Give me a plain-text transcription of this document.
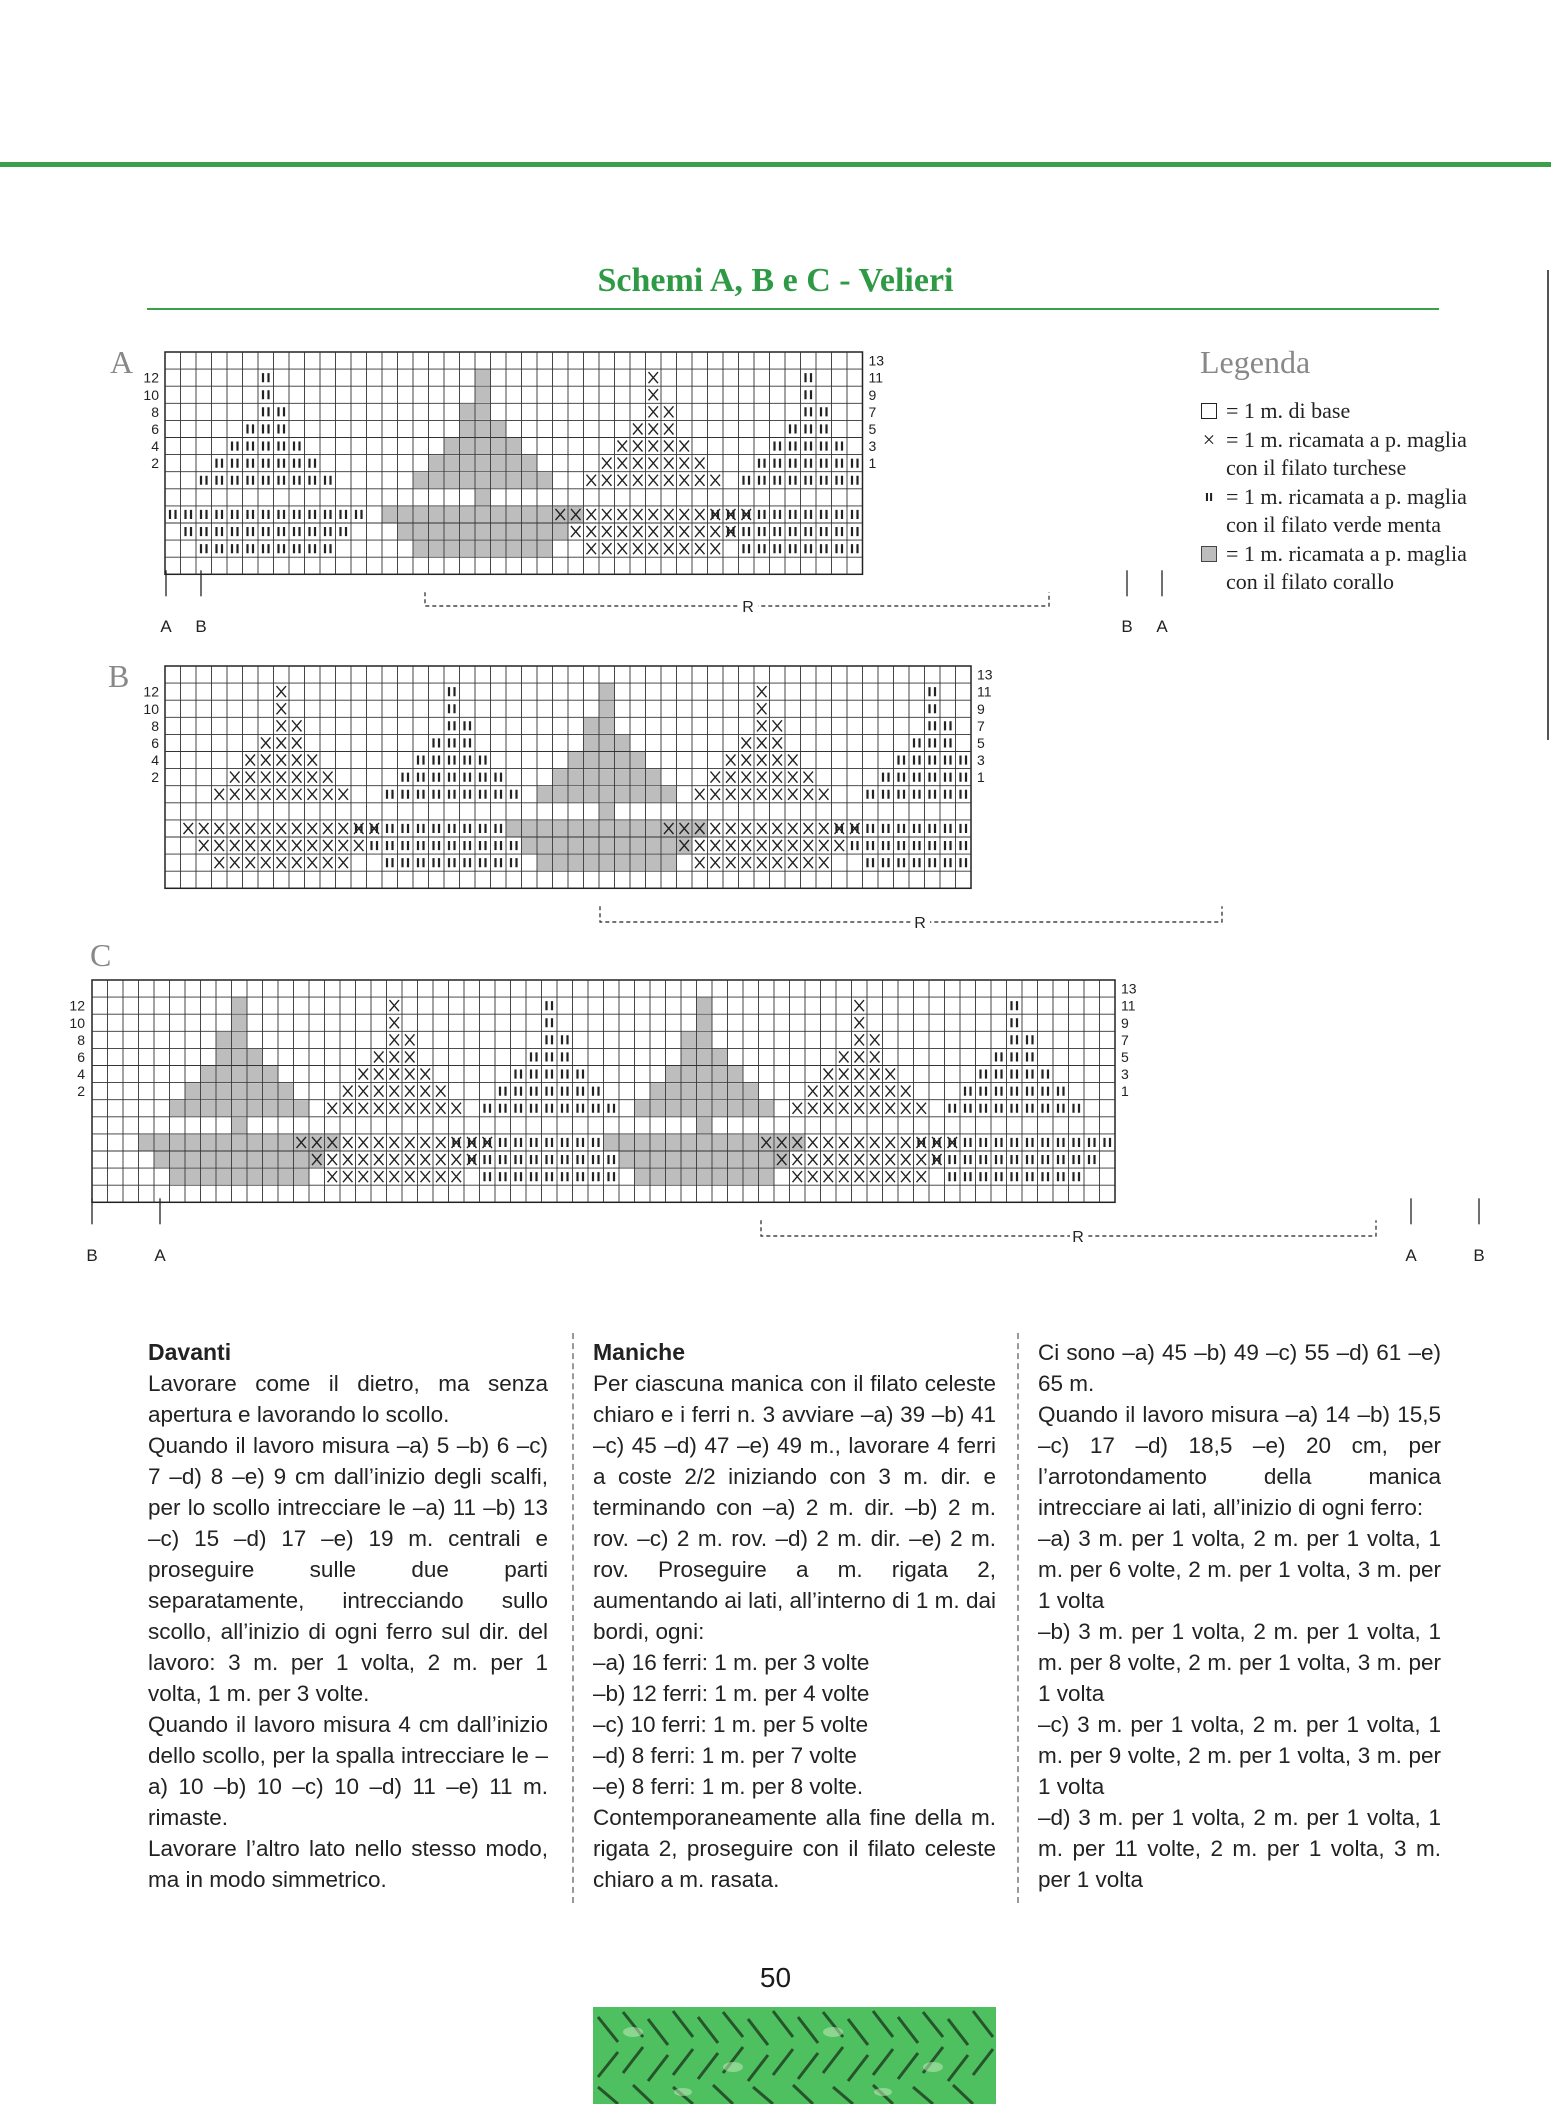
Schemi A, B e C - Velieri
A
B
C
12
10
8
6
4
2
13
11
9
7
5
3
1
R
A B	B A
12
10
8
6
4
2
13
11
9
7
5
3
1
R
12
10
8
6
4
2
13
11
9
7
5
3
1
R
B	A	A	B
Legenda
= 1 m. di base
× = 1 m. ricamata a p. maglia con il filato turchese
ıı = 1 m. ricamata a p. maglia con il filato verde menta
= 1 m. ricamata a p. maglia con il filato corallo
Davanti

Lavorare come il dietro, ma senza apertura e lavorando lo scollo.

Quando il lavoro misura –a) 5 –b) 6 –c) 7 –d) 8 –e) 9 cm dall’inizio degli scalfi, per lo scollo intrecciare le –a) 11 –b) 13 –c) 15 –d) 17 –e) 19 m. centrali e proseguire sulle due parti separatamente, intrecciando sullo scollo, all’inizio di ogni ferro sul dir. del lavoro: 3 m. per 1 volta, 2 m. per 1 volta, 1 m. per 3 volte.

Quando il lavoro misura 4 cm dall’inizio dello scollo, per la spalla intrecciare le –a) 10 –b) 10 –c) 10 –d) 11 –e) 11 m. rimaste.

Lavorare l’altro lato nello stesso modo, ma in modo simmetrico.

Maniche

Per ciascuna manica con il filato celeste chiaro e i ferri n. 3 avviare –a) 39 –b) 41 –c) 45 –d) 47 –e) 49 m., lavorare 4 ferri a coste 2/2 iniziando con 3 m. dir. e terminando con –a) 2 m. dir. –b) 2 m. rov. –c) 2 m. rov. –d) 2 m. dir. –e) 2 m. rov. Proseguire a m. rigata 2, aumentando ai lati, all’interno di 1 m. dai bordi, ogni:

–a) 16 ferri: 1 m. per 3 volte

–b) 12 ferri: 1 m. per 4 volte

–c) 10 ferri: 1 m. per 5 volte

–d) 8 ferri: 1 m. per 7 volte

–e) 8 ferri: 1 m. per 8 volte.

Contemporaneamente alla fine della m. rigata 2, proseguire con il filato celeste chiaro a m. rasata.

Ci sono –a) 45 –b) 49 –c) 55 –d) 61 –e) 65 m.

Quando il lavoro misura –a) 14 –b) 15,5 –c) 17 –d) 18,5 –e) 20 cm, per l’arrotondamento della manica intrecciare ai lati, all’inizio di ogni ferro:

–a) 3 m. per 1 volta, 2 m. per 1 volta, 1 m. per 6 volte, 2 m. per 1 volta, 3 m. per 1 volta

–b) 3 m. per 1 volta, 2 m. per 1 volta, 1 m. per 8 volte, 2 m. per 1 volta, 3 m. per 1 volta

–c) 3 m. per 1 volta, 2 m. per 1 volta, 1 m. per 9 volte, 2 m. per 1 volta, 3 m. per 1 volta

–d) 3 m. per 1 volta, 2 m. per 1 volta, 1 m. per 11 volte, 2 m. per 1 volta, 3 m. per 1 volta

50
